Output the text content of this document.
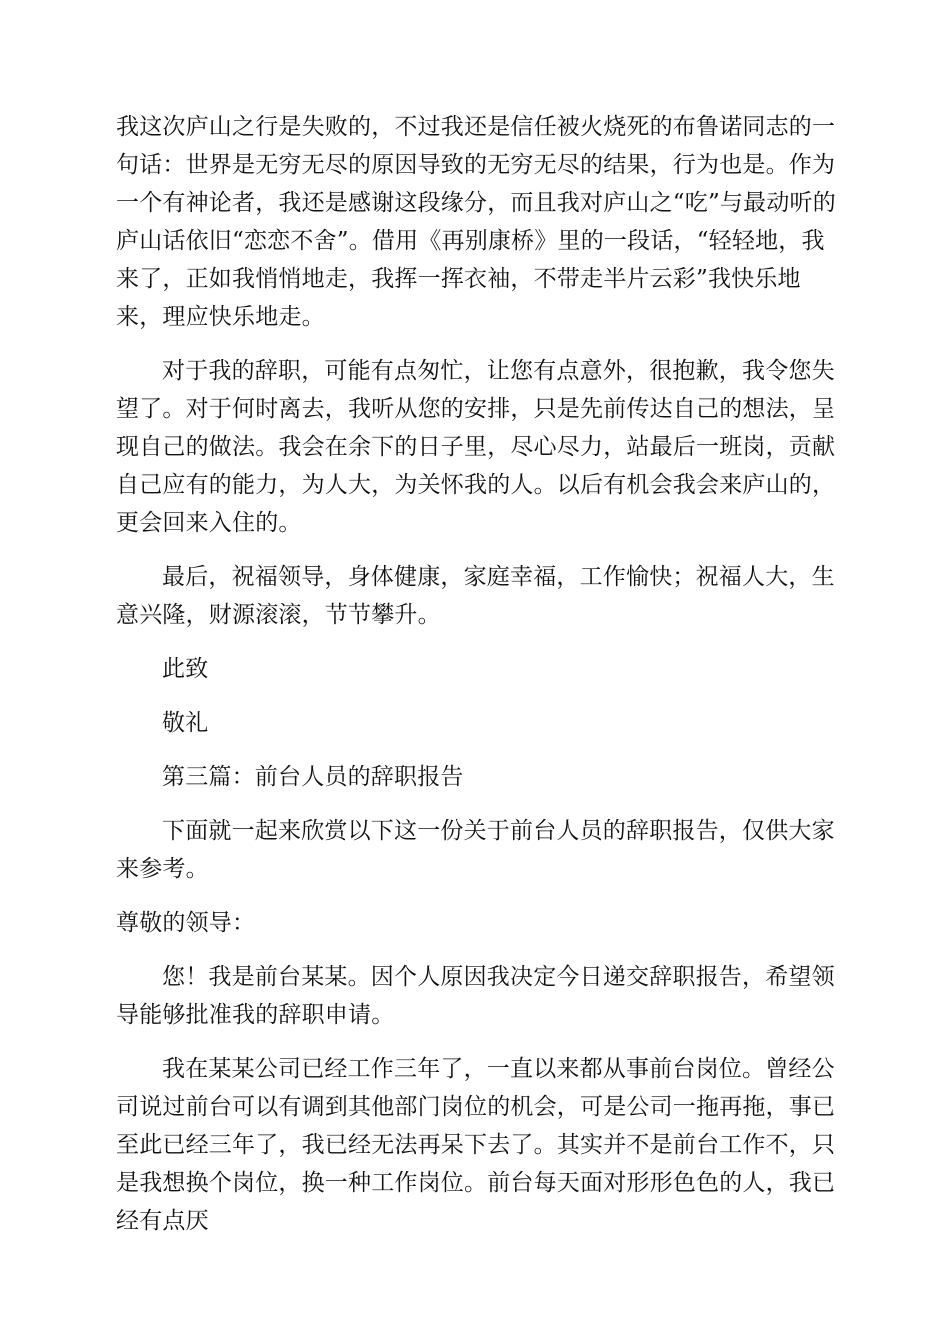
我这次庐山之行是失败的，不过我还是信任被火烧死的布鲁诺同志的一句话：世界是无穷无尽的原因导致的无穷无尽的结果，行为也是。作为一个有神论者，我还是感谢这段缘分，而且我对庐山之“吃”与最动听的庐山话依旧“恋恋不舍”。借用《再别康桥》里的一段话，“轻轻地，我来了，正如我悄悄地走，我挥一挥衣袖，不带走半片云彩”我快乐地来，理应快乐地走。

对于我的辞职，可能有点匆忙，让您有点意外，很抱歉，我令您失望了。对于何时离去，我听从您的安排，只是先前传达自己的想法，呈现自己的做法。我会在余下的日子里，尽心尽力，站最后一班岗，贡献自己应有的能力，为人大，为关怀我的人。以后有机会我会来庐山的，更会回来入住的。

最后，祝福领导，身体健康，家庭幸福，工作愉快；祝福人大，生意兴隆，财源滚滚，节节攀升。

此致

敬礼

第三篇：前台人员的辞职报告

下面就一起来欣赏以下这一份关于前台人员的辞职报告，仅供大家来参考。

尊敬的领导：

您！我是前台某某。因个人原因我决定今日递交辞职报告，希望领导能够批准我的辞职申请。

我在某某公司已经工作三年了，一直以来都从事前台岗位。曾经公司说过前台可以有调到其他部门岗位的机会，可是公司一拖再拖，事已至此已经三年了，我已经无法再呆下去了。其实并不是前台工作不，只是我想换个岗位，换一种工作岗位。前台每天面对形形色色的人，我已经有点厌
